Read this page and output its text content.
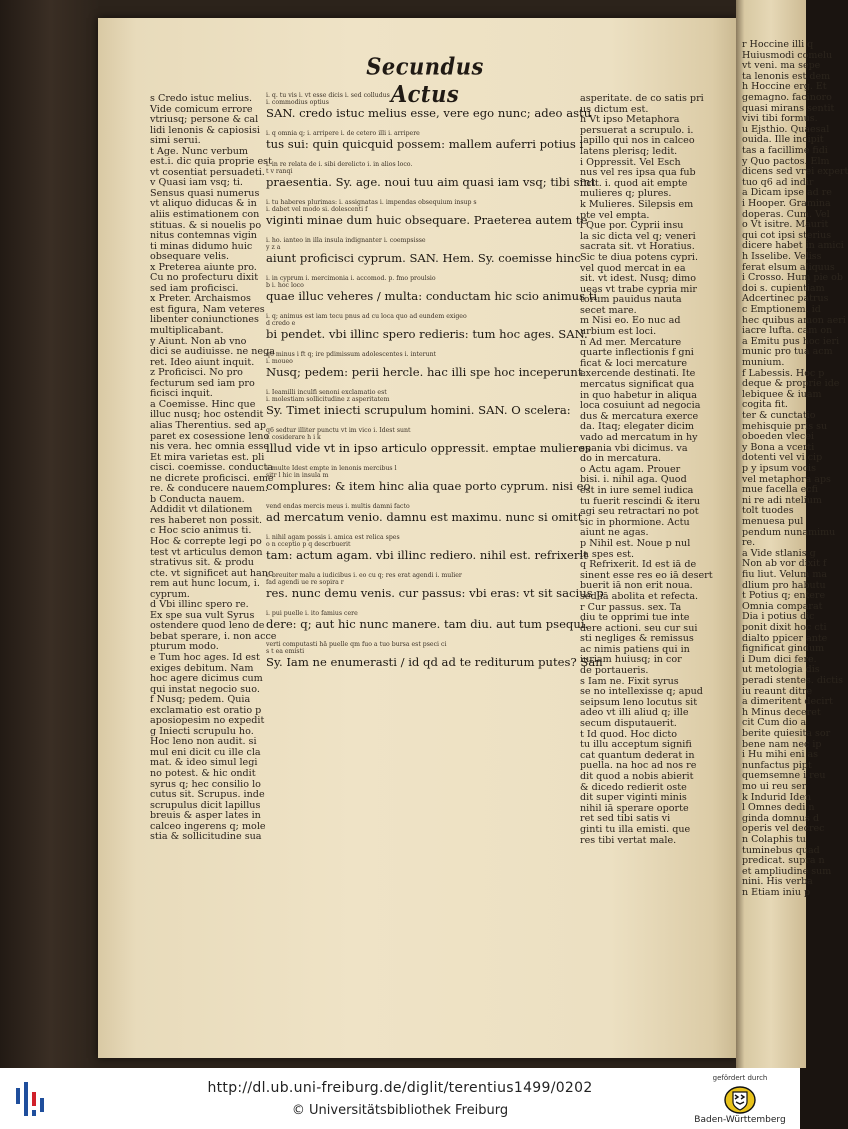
r Hoccine illi q
Huiusmodi comelu
vt veni. ma sepe
ta lenonis est dem
h Hoccine erg. Et
gemagno. facinoro
quasi mirans sentit
vivi tibi formus.
u Ejsthio. Quaesal
ouida. Ille incipit
tas a facillime fidi
y Quo pactos. Elm
dicens sed vrei expert
tuo q6 ad indir
a Dicam ipse ad re
i Hooper. Gramina
doperas. Cum. Vel
o Vt isitre. Maurit
qui cot ipsi sterius
dicere habet in amici
h Isselibe. Veliss
ferat elsum aliquus
i Crosso. Hum pie ob
doi s. cupientiam
Adcertinec patrus
c Emptionem. id
hec quibus amon aeri
iacre lufta. cam on
a Emitu pus hoc ieri
munic pro tua acm
munium.
f Labessis. Hoc p
deque & proprie ide
lebiquee & iuam
cogita fit.
ter & cunctatio
mehisquie pris su
oboeden vlecei
y Bona a vcerti
dotenti vel vi cip
p y ipsum vocis
vel metaphora aps
mue facella ecfi
ni re adi ntelium
tolt tuodes
menuesa pul
pendum nunamimu
re.
a Vide stlanis g
Non ab vor dixit f
fiu liut. Velum ma
dlium pro habutu
t Potius q; entere
Omnia comparat
Dia i potius dic
ponit dixit hoc cti
dialto ppicer ante
fignificat gindum
i Dum dici fere.
ut metologia dis
peradi stentes. dictis
iu reaunt ditre
a dimeritent decirt
h Minus deceret
cit Cum dio a
berite quiesita sor
bene nam nec ip
i Hu mihi eni as
nunfactus pipt
quemsemne i reu
mo ui reu ser
k Indurid Iden
l Omnes dedi n
ginda domnus d
operis vel decrec
n Colaphis tu
tuminebus quad
predicat. supra n
et ampliudine sum
nini. His verba
n Etiam iniu p
Secundus Actus
s Credo istuc melius.
Vide comicum errore
vtriusq; persone & cal
lidi lenonis & capiosisi
simi serui.
t Age. Nunc verbum
est.i. dic quia proprie est
vt cosentiat persuadeti.
v Quasi iam vsq; ti.
Sensus quasi numerus
vt aliquo diducas & in
aliis estimationem con
stituas. & si nouelis po
nitus contemnas vigin
ti minas didumo huic
obsequare velis.
x Preterea aiunte pro.
Cu no profecturu dixit
sed iam proficisci.
x Preter. Archaismos
est figura, Nam veteres
libenter coniunctiones
multiplicabant.
y Aiunt. Non ab vno
dici se audiuisse. ne nega
ret. Ideo aiunt inquit.
z Proficisci. No pro
fecturum sed iam pro
ficisci inquit.
a Coemisse. Hinc que
illuc nusq; hoc ostendit
alias Therentius. sed ap
paret ex cosessione leno
nis vera. hec omnia esse
Et mira varietas est. pli
cisci. coemisse. conducta
ne dicrete proficisci. eme
re. & conducere nauem.
b Conducta nauem.
Addidit vt dilationem
res haberet non possit.
c Hoc scio animus ti.
Hoc & correpte legi po
test vt articulus demon
strativus sit. & produ
cte. vt significet aut hanc
rem aut hunc locum, i.
cyprum.
d Vbi illinc spero re.
Ex spe sua vult Syrus
ostendere quod leno de
bebat sperare, i. non acce
pturum modo.
e Tum hoc ages. Id est
exiges debitum. Nam
hoc agere dicimus cum
qui instat negocio suo.
f Nusq; pedem. Quia
exclamatio est oratio p
aposiopesim no expedit
g Iniecti scrupulu ho.
Hoc leno non audit. si
mul eni dicit cu ille cla
mat. & ideo simul legi
no potest. & hic ondit
syrus q; hec consilio lo
cutus sit. Scrupus. inde
scrupulus dicit lapillus
breuis & asper lates in
calceo ingerens q; mole
stia & sollicitudine sua
asperitate. de co satis pri
us dictum est.
h Vt ipso Metaphora
persuerat a scrupulo. i.
lapillo qui nos in calceo
latens plerisq; ledit.
i Oppressit. Vel Esch
nus vel res ipsa qua fub
ficit. i. quod ait empte
mulieres q; plures.
k Mulieres. Silepsis em
pte vel empta.
l Que por. Cyprii insu
la sic dicta vel q; veneri
sacrata sit. vt Horatius.
Sic te diua potens cypri.
vel quod mercat in ea
sit. vt idest. Nusq; dimo
ueas vt trabe cypria mir
torum pauidus nauta
secet mare.
m Nisi eo. Eo nuc ad
urbium est loci.
n Ad mer. Mercature
quarte inflectionis f gni
ficat & loci mercature
exercende destinati. Ite
mercatus significat qua
in quo habetur in aliqua
loca cosuiunt ad negocia
dus & mercatura exerce
da. Itaq; elegater dicim
vado ad mercatum in hy
spania vbi dicimus. va
do in mercatura.
o Actu agam. Prouer
bisi. i. nihil aga. Quod
est in iure semel iudica
tu fuerit rescindi & iteru
agi seu retractari no pot
sic in phormione. Actu
aiunt ne agas.
p Nihil est. Noue p nul
la spes est.
q Refrixerit. Id est iā de
sinent esse res eo iā desert
buerit iā non erit noua.
sed iā abolita et refecta.
r Cur passus. sex. Ta
diu te opprimi tue inte
dere actioni. seu cur sui
sti negliges & remissus
ac nimis patiens qui in
iuriam huiusq; in cor
de portaueris.
s Iam ne. Fixit syrus
se no intellexisse q; apud
seipsum leno locutus sit
adeo vt illi aliud q; ille
secum disputauerit.
t Id quod. Hoc dicto
tu illu acceptum signifi
cat quantum dederat in
puella. na hoc ad nos re
dit quod a nobis abierit
& dicedo redierit oste
dit super viginti minis
nihil iā sperare oporte
ret sed tibi satis vi
ginti tu illa emisti. que
res tibi vertat male.
i. q. tu vis i. vt esse dicis i. sed colludus
i. commodius optius
SAN. credo istuc melius esse, vere ego nunc; adeo astu
i. q omnia q; i. arripere i. de cetero illi i. arripere
tus sui: quin quicquid possem: mallem auferri potius i
i. in re relata de i. sibi derelicto i. in alios loco.
t v ranqi
praesentia. Sy. age. noui tuu aim quasi iam vsq; tibi sint
i. tu haberes plurimas: i. assignatas i. impendas obsequium insup s
i. dabet vel modo si. dolescenti f
viginti minae dum huic obsequare. Praeterea autem te
i. ho. ianteo in illa insula indignanter i. coempsisse
y z a
aiunt proficisci cyprum. SAN. Hem. Sy. coemisse hinc
i. in cyprum i. mercimonia i. accomod. p. fmo proulsio
b i. hoc loco
quae illuc veheres / multa: conductam hic scio animus ti
i. q; animus est iam tecu pnus ad cu loca quo ad eundem exigeo
d credo e
bi pendet. vbi illinc spero redieris: tum hoc ages. SAN.
q6 minus i ft q; ire pdimissum adolescentes i. interunt
i. moueo
Nusq; pedem: perii hercle. hac illi spe hoc inceperunt.
i. Ieamilli inculfi senoni exclamatio est
i. molestiam sollicitudine z asperitatem
Sy. Timet iniecti scrupulum homini. SAN. O scelera:
q6 sedtur illiter punctu vt im vico i. Idest sunt
i. cosiderare h i k
illud vide vt in ipso articulo oppressit. emptae mulieres
i. multe Idest empte in lenonis mercibus l
sitr l hic in insula m
complures: & item hinc alia quae porto cyprum. nisi eo
vend endas mercis meus i. multis damni facto
ad mercatum venio. damnu est maximu. nunc si omitt
i. nihil agam possis i. amica est relica spes
o n cceptio p q descrbuerit
tam: actum agam. vbi illinc rediero. nihil est. refrixerit
i. breuiter malu a iudicibus i. eo cu q; res erat agendi i. mulier
fad agendi ue re sopira r
res. nunc demu venis. cur passus: vbi eras: vt sit sacius p
i. pui puelle i. ito famius cere
dere: q; aut hic nunc manere. tam diu. aut tum psequi.
verti computasti hā puelle qm fuo a tuo bursa est pseci ci
s t ea emisti
Sy. Iam ne enumerasti / id qd ad te rediturum putes? San
http://dl.ub.uni-freiburg.de/diglit/terentius1499/0202
© Universitätsbibliothek Freiburg
gefördert durch
Baden-Württemberg
